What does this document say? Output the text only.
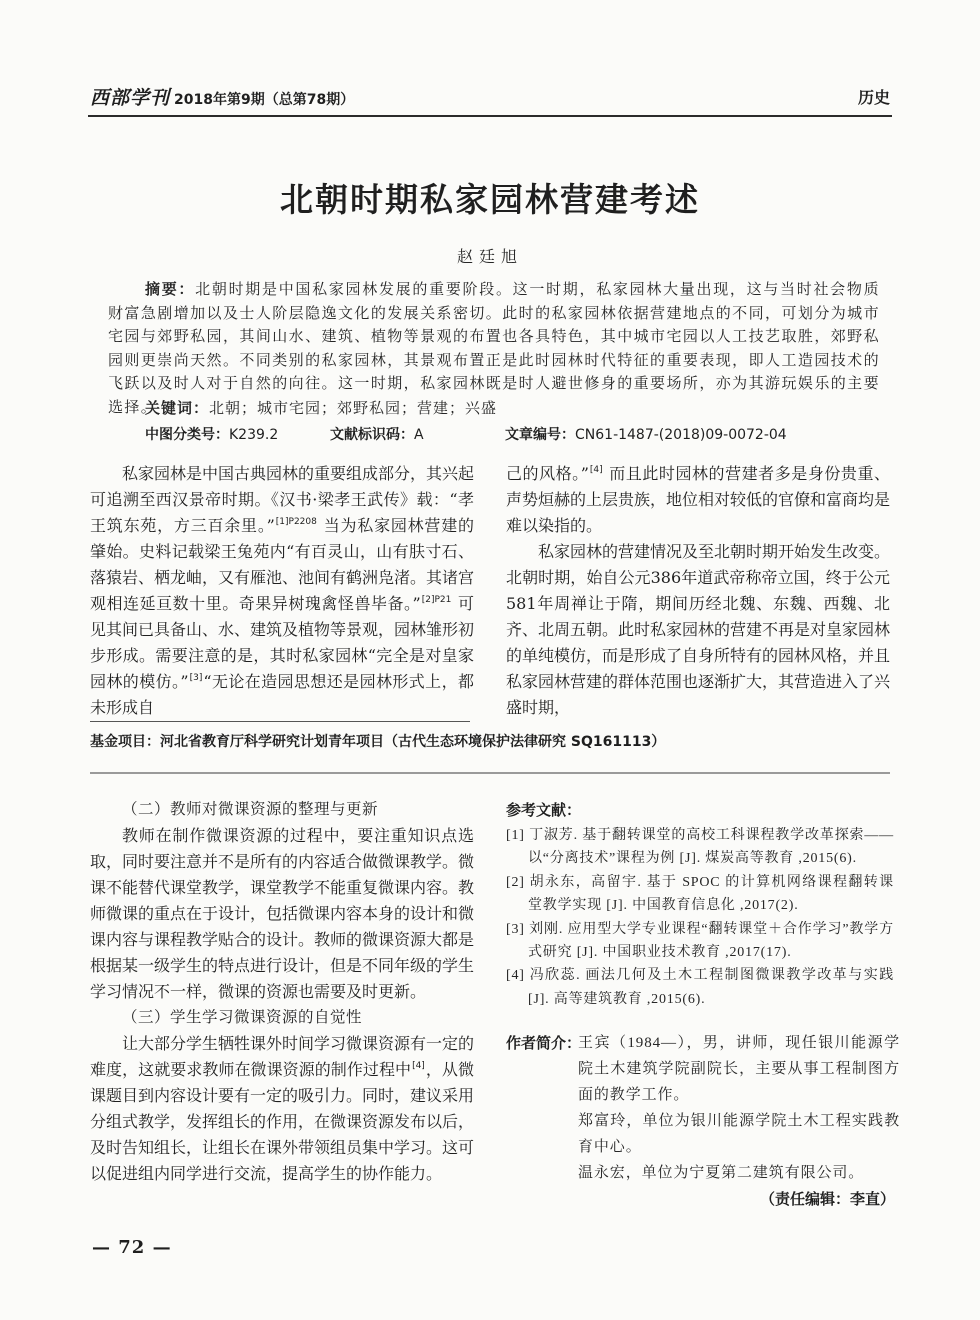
西部学刊 2018年第9期（总第78期）	历史
北朝时期私家园林营建考述
赵廷旭
摘要：北朝时期是中国私家园林发展的重要阶段。这一时期，私家园林大量出现，这与当时社会物质财富急剧增加以及士人阶层隐逸文化的发展关系密切。此时的私家园林依据营建地点的不同，可划分为城市宅园与郊野私园，其间山水、建筑、植物等景观的布置也各具特色，其中城市宅园以人工技艺取胜，郊野私园则更崇尚天然。不同类别的私家园林，其景观布置正是此时园林时代特征的重要表现，即人工造园技术的飞跃以及时人对于自然的向往。这一时期，私家园林既是时人避世修身的重要场所，亦为其游玩娱乐的主要选择。
关键词：北朝；城市宅园；郊野私园；营建；兴盛
中图分类号：K239.2	文献标识码：A	文章编号：CN61-1487-(2018)09-0072-04

私家园林是中国古典园林的重要组成部分，其兴起可追溯至西汉景帝时期。《汉书·梁孝王武传》载：“孝王筑东苑，方三百余里。”$^{[1]P2208}$ 当为私家园林营建的肇始。史料记载梁王兔苑内“有百灵山，山有肤寸石、落猿岩、栖龙岫，又有雁池、池间有鹤洲凫渚。其诸宫观相连延亘数十里。奇果异树瑰禽怪兽毕备。”$^{[2]P21}$ 可见其间已具备山、水、建筑及植物等景观，园林雏形初步形成。需要注意的是，其时私家园林“完全是对皇家园林的模仿。”[3]“无论在造园思想还是园林形式上，都未形成自

己的风格。”[4] 而且此时园林的营建者多是身份贵重、声势烜赫的上层贵族，地位相对较低的官僚和富商均是难以染指的。

私家园林的营建情况及至北朝时期开始发生改变。北朝时期，始自公元386年道武帝称帝立国，终于公元581年周禅让于隋，期间历经北魏、东魏、西魏、北齐、北周五朝。此时私家园林的营建不再是对皇家园林的单纯模仿，而是形成了自身所特有的园林风格，并且私家园林营建的群体范围也逐渐扩大，其营造进入了兴盛时期，

基金项目：河北省教育厅科学研究计划青年项目（古代生态环境保护法律研究 SQ161113）
（二）教师对微课资源的整理与更新

教师在制作微课资源的过程中，要注重知识点选取，同时要注意并不是所有的内容适合做微课教学。微课不能替代课堂教学，课堂教学不能重复微课内容。教师微课的重点在于设计，包括微课内容本身的设计和微课内容与课程教学贴合的设计。教师的微课资源大都是根据某一级学生的特点进行设计，但是不同年级的学生学习情况不一样，微课的资源也需要及时更新。

（三）学生学习微课资源的自觉性

让大部分学生牺牲课外时间学习微课资源有一定的难度，这就要求教师在微课资源的制作过程中[4]，从微课题目到内容设计要有一定的吸引力。同时，建议采用分组式教学，发挥组长的作用，在微课资源发布以后，及时告知组长，让组长在课外带领组员集中学习。这可以促进组内同学进行交流，提高学生的协作能力。

参考文献：
[1] 丁淑芳. 基于翻转课堂的高校工科课程教学改革探索——以“分离技术”课程为例 [J]. 煤炭高等教育 ,2015(6).
[2] 胡永东，高留宇. 基于 SPOC 的计算机网络课程翻转课堂教学实现 [J]. 中国教育信息化 ,2017(2).
[3] 刘刚. 应用型大学专业课程“翻转课堂＋合作学习”教学方式研究 [J]. 中国职业技术教育 ,2017(17).
[4] 冯欣蕊. 画法几何及土木工程制图微课教学改革与实践 [J]. 高等建筑教育 ,2015(6).
作者简介：

王宾（1984—），男，讲师，现任银川能源学院土木建筑学院副院长，主要从事工程制图方面的教学工作。

郑富玲，单位为银川能源学院土木工程实践教育中心。

温永宏，单位为宁夏第二建筑有限公司。

（责任编辑：李直）
— 72 —
